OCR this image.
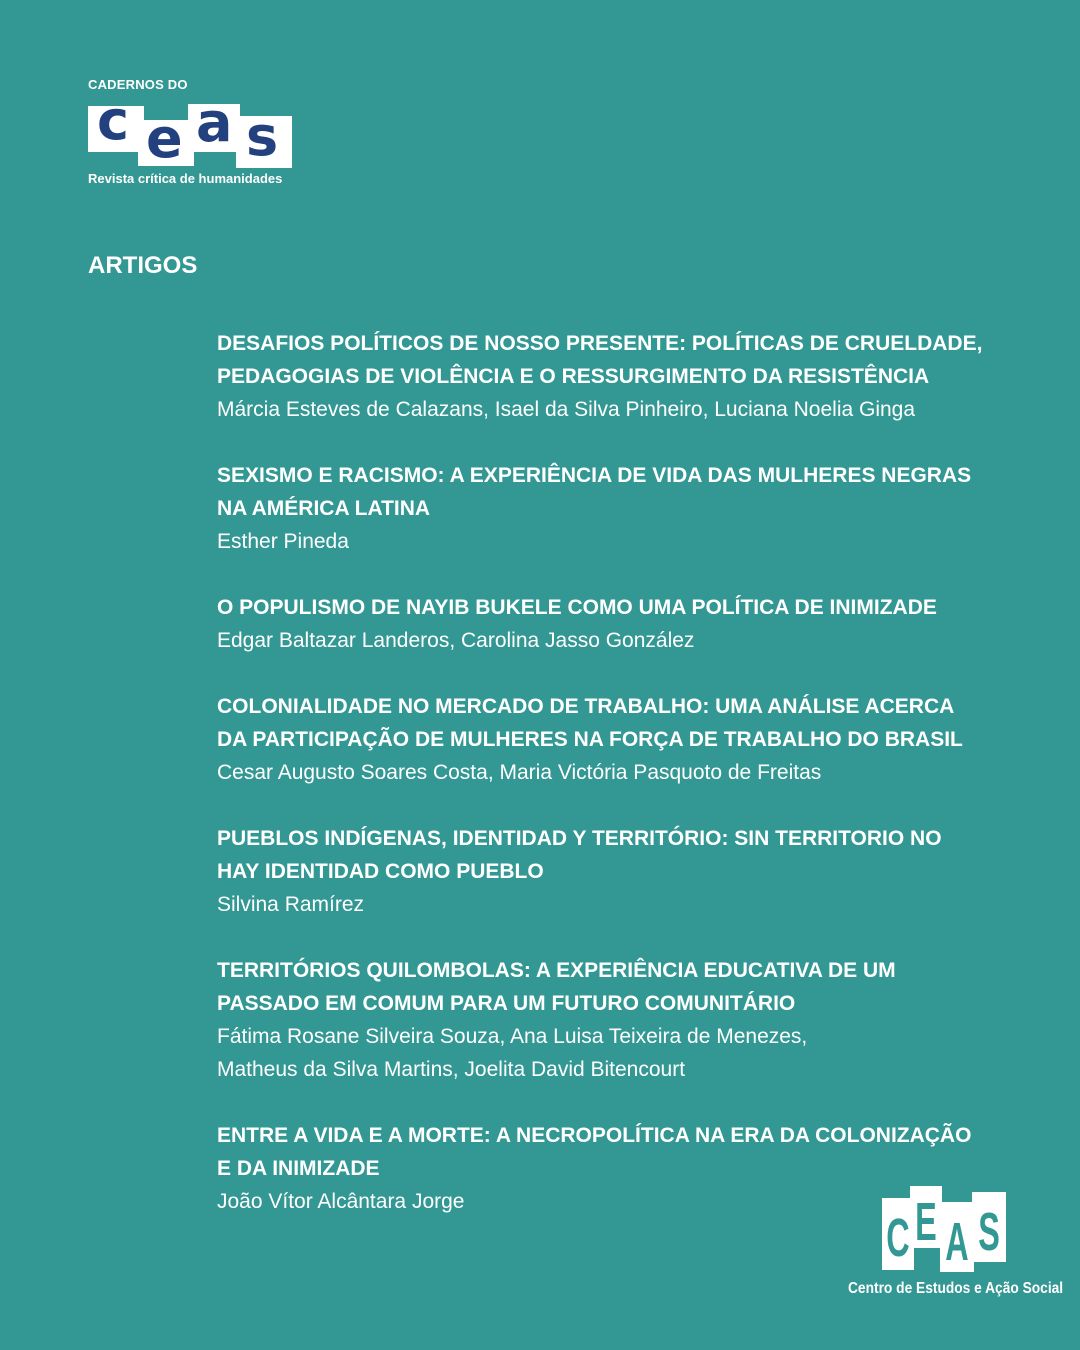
CADERNOS DO
c e a s
Revista crítica de humanidades
ARTIGOS

DESAFIOS POLÍTICOS DE NOSSO PRESENTE: POLÍTICAS DE CRUELDADE,
PEDAGOGIAS DE VIOLÊNCIA E O RESSURGIMENTO DA RESISTÊNCIA

Márcia Esteves de Calazans, Isael da Silva Pinheiro, Luciana Noelia Ginga

SEXISMO E RACISMO: A EXPERIÊNCIA DE VIDA DAS MULHERES NEGRAS
NA AMÉRICA LATINA

Esther Pineda

O POPULISMO DE NAYIB BUKELE COMO UMA POLÍTICA DE INIMIZADE

Edgar Baltazar Landeros, Carolina Jasso González

COLONIALIDADE NO MERCADO DE TRABALHO: UMA ANÁLISE ACERCA
DA PARTICIPAÇÃO DE MULHERES NA FORÇA DE TRABALHO DO BRASIL

Cesar Augusto Soares Costa, Maria Victória Pasquoto de Freitas

PUEBLOS INDÍGENAS, IDENTIDAD Y TERRITÓRIO: SIN TERRITORIO NO
HAY IDENTIDAD COMO PUEBLO

Silvina Ramírez

TERRITÓRIOS QUILOMBOLAS: A EXPERIÊNCIA EDUCATIVA DE UM
PASSADO EM COMUM PARA UM FUTURO COMUNITÁRIO

Fátima Rosane Silveira Souza, Ana Luisa Teixeira de Menezes,
Matheus da Silva Martins, Joelita David Bitencourt

ENTRE A VIDA E A MORTE: A NECROPOLÍTICA NA ERA DA COLONIZAÇÃO
E DA INIMIZADE

João Vítor Alcântara Jorge

C E A S
Centro de Estudos e Ação Social
